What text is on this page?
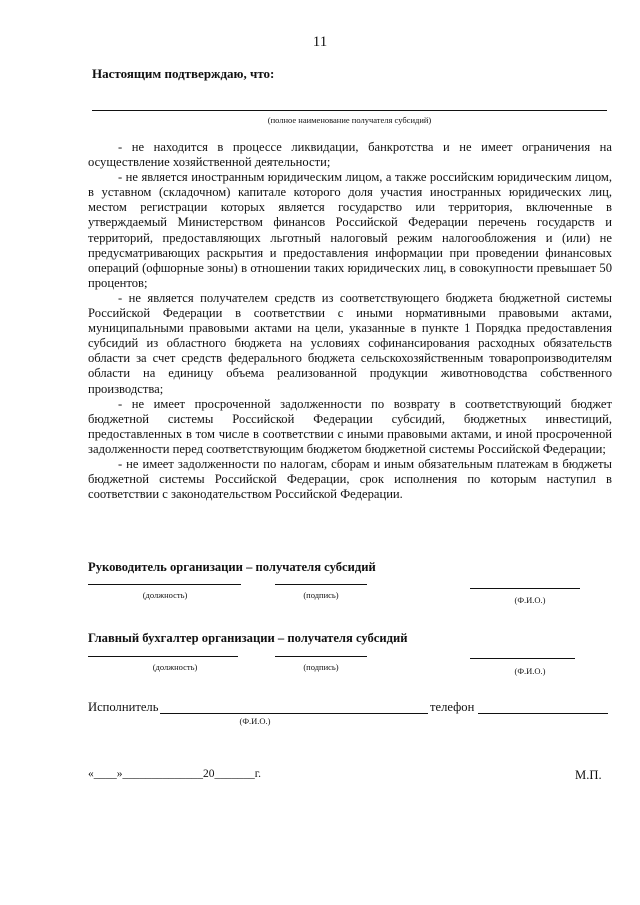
11
Настоящим подтверждаю, что:
(полное наименование получателя субсидий)

- не находится в процессе ликвидации, банкротства и не имеет ограничения на осуществление хозяйственной деятельности;

- не является иностранным юридическим лицом, а также российским юридическим лицом, в уставном (складочном) капитале которого доля участия иностранных юридических лиц, местом регистрации которых является государство или территория, включенные в утверждаемый Министерством финансов Российской Федерации перечень государств и территорий, предоставляющих льготный налоговый режим налогообложения и (или) не предусматривающих раскрытия и предоставления информации при проведении финансовых операций (офшорные зоны) в отношении таких юридических лиц, в совокупности превышает 50 процентов;

- не является получателем средств из соответствующего бюджета бюджетной системы Российской Федерации в соответствии с иными нормативными правовыми актами, муниципальными правовыми актами на цели, указанные в пункте 1 Порядка предоставления субсидий из областного бюджета на условиях софинансирования расходных обязательств области за счет средств федерального бюджета сельскохозяйственным товаропроизводителям области на единицу объема реализованной продукции животноводства собственного производства;

- не имеет просроченной задолженности по возврату в соответствующий бюджет бюджетной системы Российской Федерации субсидий, бюджетных инвестиций, предоставленных в том числе в соответствии с иными правовыми актами, и иной просроченной задолженности перед соответствующим бюджетом бюджетной системы Российской Федерации;

- не имеет задолженности по налогам, сборам и иным обязательным платежам в бюджеты бюджетной системы Российской Федерации, срок исполнения по которым наступил в соответствии с законодательством Российской Федерации.

Руководитель организации – получателя субсидий
(должность)	(подпись)	(Ф.И.О.)
Главный бухгалтер организации – получателя субсидий
(должность)	(подпись)	(Ф.И.О.)
Исполнитель
(Ф.И.О.)
телефон
«____»______________20_______г.	М.П.
